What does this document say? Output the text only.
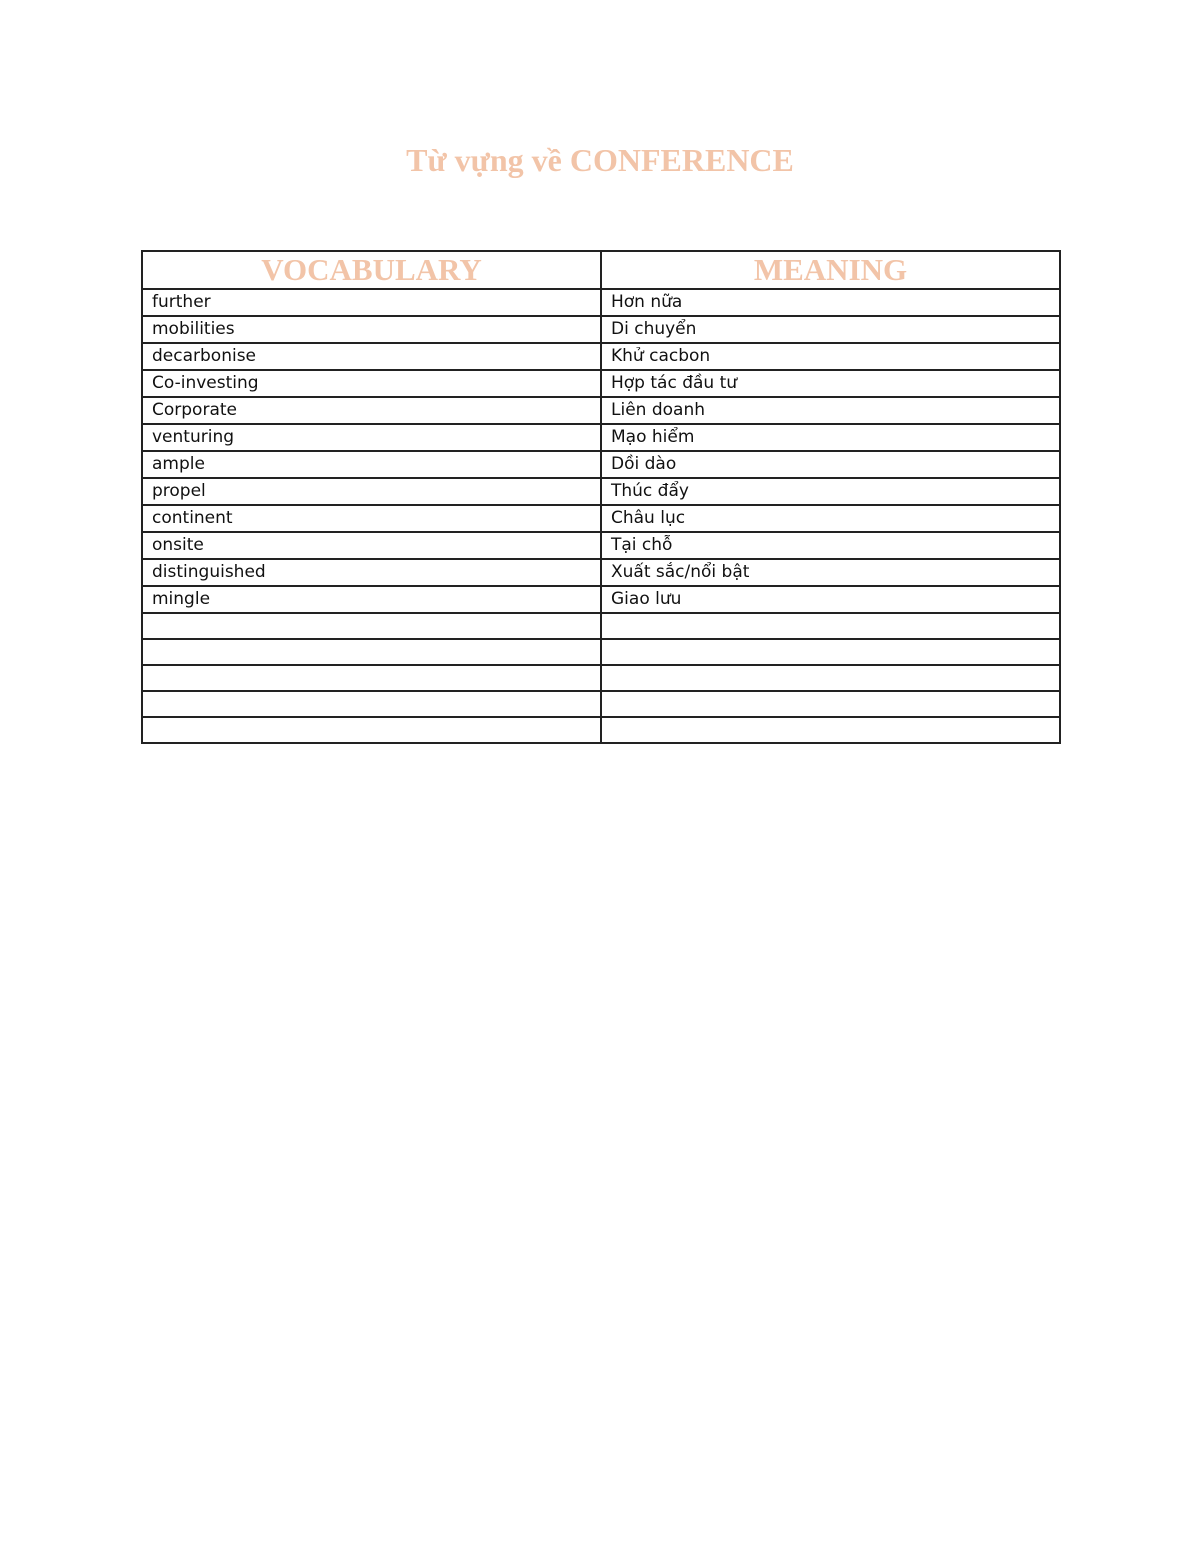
Từ vựng về CONFERENCE
VOCABULARY	MEANING
further	Hơn nữa
mobilities	Di chuyển
decarbonise	Khử cacbon
Co-investing	Hợp tác đầu tư
Corporate	Liên doanh
venturing	Mạo hiểm
ample	Dồi dào
propel	Thúc đẩy
continent	Châu lục
onsite	Tại chỗ
distinguished	Xuất sắc/nổi bật
mingle	Giao lưu
